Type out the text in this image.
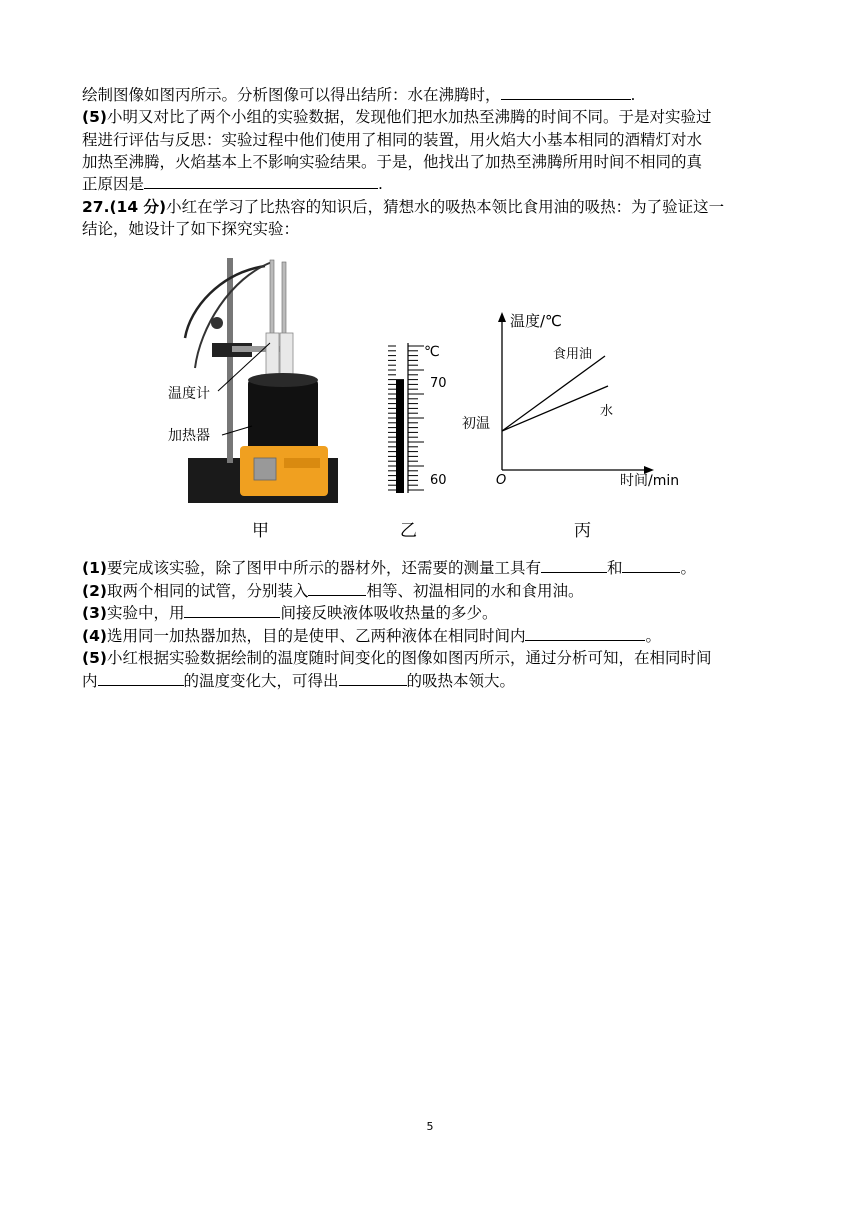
绘制图像如图丙所示。分析图像可以得出结所：水在沸腾时，	.
(5)小明又对比了两个小组的实验数据，发现他们把水加热至沸腾的时间不同。于是对实验过
程进行评估与反思：实验过程中他们使用了相同的装置，用火焰大小基本相同的酒精灯对水
加热至沸腾，火焰基本上不影响实验结果。于是，他找出了加热至沸腾所用时间不相同的真
正原因是	.
27.(14 分)小红在学习了比热容的知识后，猜想水的吸热本领比食用油的吸热：为了验证这一
结论，她设计了如下探究实验：
温度计
加热器
℃
70
60
温度/℃
食用油
水
初温
O	时间/min
甲	乙	丙
(1)要完成该实验，除了图甲中所示的器材外，还需要的测量工具有	和	。
(2)取两个相同的试管，分别装入	相等、初温相同的水和食用油。
(3)实验中，用	间接反映液体吸收热量的多少。
(4)选用同一加热器加热，目的是使甲、乙两种液体在相同时间内	。
(5)小红根据实验数据绘制的温度随时间变化的图像如图丙所示，通过分析可知，在相同时间
内	的温度变化大，可得出	的吸热本领大。
5
